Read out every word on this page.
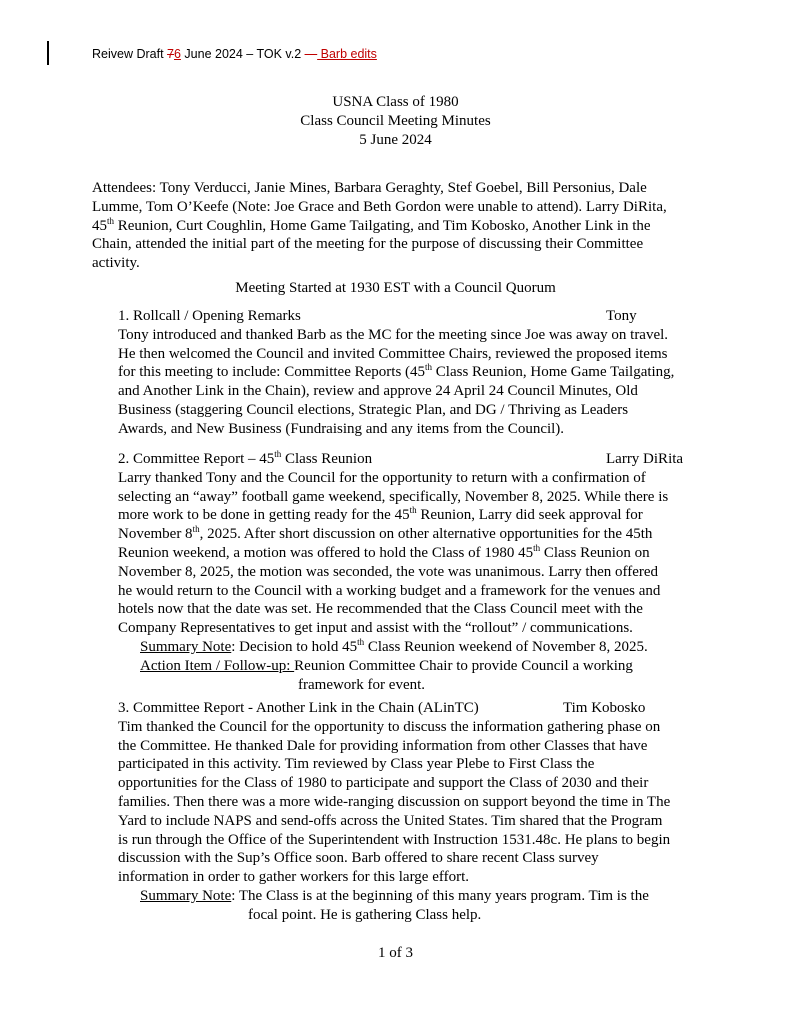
Reivew Draft 76 June 2024 – TOK v.2 — Barb edits
USNA Class of 1980
Class Council Meeting Minutes
5 June 2024
Attendees: Tony Verducci, Janie Mines, Barbara Geraghty, Stef Goebel, Bill Personius, Dale
Lumme, Tom O’Keefe (Note: Joe Grace and Beth Gordon were unable to attend). Larry DiRita,
45th Reunion, Curt Coughlin, Home Game Tailgating, and Tim Kobosko, Another Link in the
Chain, attended the initial part of the meeting for the purpose of discussing their Committee
activity.
Meeting Started at 1930 EST with a Council Quorum
1. Rollcall / Opening Remarks	Tony
Tony introduced and thanked Barb as the MC for the meeting since Joe was away on travel.
He then welcomed the Council and invited Committee Chairs, reviewed the proposed items
for this meeting to include: Committee Reports (45th Class Reunion, Home Game Tailgating,
and Another Link in the Chain), review and approve 24 April 24 Council Minutes, Old
Business (staggering Council elections, Strategic Plan, and DG / Thriving as Leaders
Awards, and New Business (Fundraising and any items from the Council).
2. Committee Report – 45th Class Reunion	Larry DiRita
Larry thanked Tony and the Council for the opportunity to return with a confirmation of
selecting an “away” football game weekend, specifically, November 8, 2025. While there is
more work to be done in getting ready for the 45th Reunion, Larry did seek approval for
November 8th, 2025. After short discussion on other alternative opportunities for the 45th
Reunion weekend, a motion was offered to hold the Class of 1980 45th Class Reunion on
November 8, 2025, the motion was seconded, the vote was unanimous. Larry then offered
he would return to the Council with a working budget and a framework for the venues and
hotels now that the date was set. He recommended that the Class Council meet with the
Company Representatives to get input and assist with the “rollout” / communications.
Summary Note: Decision to hold 45th Class Reunion weekend of November 8, 2025.
Action Item / Follow-up: Reunion Committee Chair to provide Council a working
framework for event.
3. Committee Report - Another Link in the Chain (ALinTC)	Tim Kobosko
Tim thanked the Council for the opportunity to discuss the information gathering phase on
the Committee. He thanked Dale for providing information from other Classes that have
participated in this activity. Tim reviewed by Class year Plebe to First Class the
opportunities for the Class of 1980 to participate and support the Class of 2030 and their
families. Then there was a more wide-ranging discussion on support beyond the time in The
Yard to include NAPS and send-offs across the United States. Tim shared that the Program
is run through the Office of the Superintendent with Instruction 1531.48c. He plans to begin
discussion with the Sup’s Office soon. Barb offered to share recent Class survey
information in order to gather workers for this large effort.
Summary Note: The Class is at the beginning of this many years program. Tim is the
focal point. He is gathering Class help.
1 of 3
